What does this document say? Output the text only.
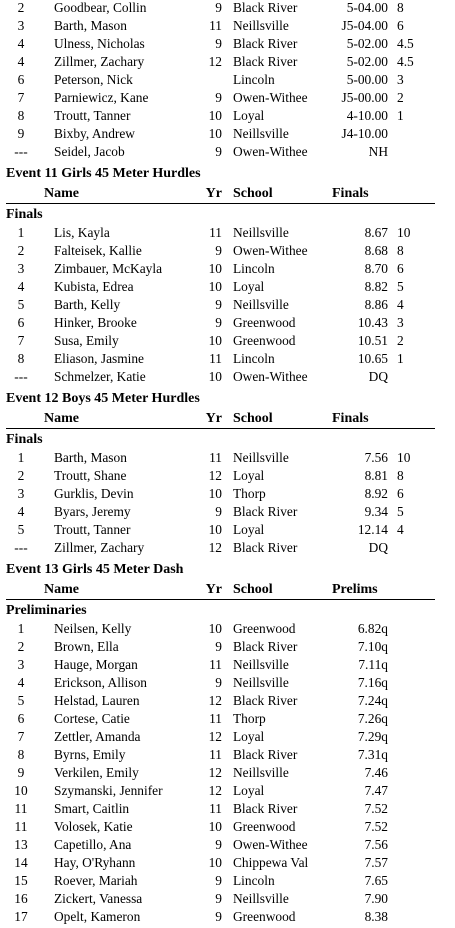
2	Goodbear, Collin	9 Black River	5-04.00 8
3	Barth, Mason	11 Neillsville	J5-04.00 6
4	Ulness, Nicholas	9 Black River	5-02.00 4.5
4	Zillmer, Zachary	12 Black River	5-02.00 4.5
6	Peterson, Nick	Lincoln	5-00.00 3
7	Parniewicz, Kane	9 Owen-Withee	J5-00.00 2
8	Troutt, Tanner	10 Loyal	4-10.00 1
9	Bixby, Andrew	10 Neillsville	J4-10.00
---	Seidel, Jacob	9 Owen-Withee	NH
Event 11 Girls 45 Meter Hurdles
Name	Yr School	Finals
Finals
1	Lis, Kayla	11 Neillsville	8.67 10
2	Falteisek, Kallie	9 Owen-Withee	8.68 8
3	Zimbauer, McKayla	10 Lincoln	8.70 6
4	Kubista, Edrea	10 Loyal	8.82 5
5	Barth, Kelly	9 Neillsville	8.86 4
6	Hinker, Brooke	9 Greenwood	10.43 3
7	Susa, Emily	10 Greenwood	10.51 2
8	Eliason, Jasmine	11 Lincoln	10.65 1
---	Schmelzer, Katie	10 Owen-Withee	DQ
Event 12 Boys 45 Meter Hurdles
Name	Yr School	Finals
Finals
1	Barth, Mason	11 Neillsville	7.56 10
2	Troutt, Shane	12 Loyal	8.81 8
3	Gurklis, Devin	10 Thorp	8.92 6
4	Byars, Jeremy	9 Black River	9.34 5
5	Troutt, Tanner	10 Loyal	12.14 4
---	Zillmer, Zachary	12 Black River	DQ
Event 13 Girls 45 Meter Dash
Name	Yr School	Prelims
Preliminaries
1	Neilsen, Kelly	10 Greenwood	6.82q
2	Brown, Ella	9 Black River	7.10q
3	Hauge, Morgan	11 Neillsville	7.11q
4	Erickson, Allison	9 Neillsville	7.16q
5	Helstad, Lauren	12 Black River	7.24q
6	Cortese, Catie	11 Thorp	7.26q
7	Zettler, Amanda	12 Loyal	7.29q
8	Byrns, Emily	11 Black River	7.31q
9	Verkilen, Emily	12 Neillsville	7.46
10	Szymanski, Jennifer	12 Loyal	7.47
11	Smart, Caitlin	11 Black River	7.52
11	Volosek, Katie	10 Greenwood	7.52
13	Capetillo, Ana	9 Owen-Withee	7.56
14	Hay, O'Ryhann	10 Chippewa Val	7.57
15	Roever, Mariah	9 Lincoln	7.65
16	Zickert, Vanessa	9 Neillsville	7.90
17	Opelt, Kameron	9 Greenwood	8.38
